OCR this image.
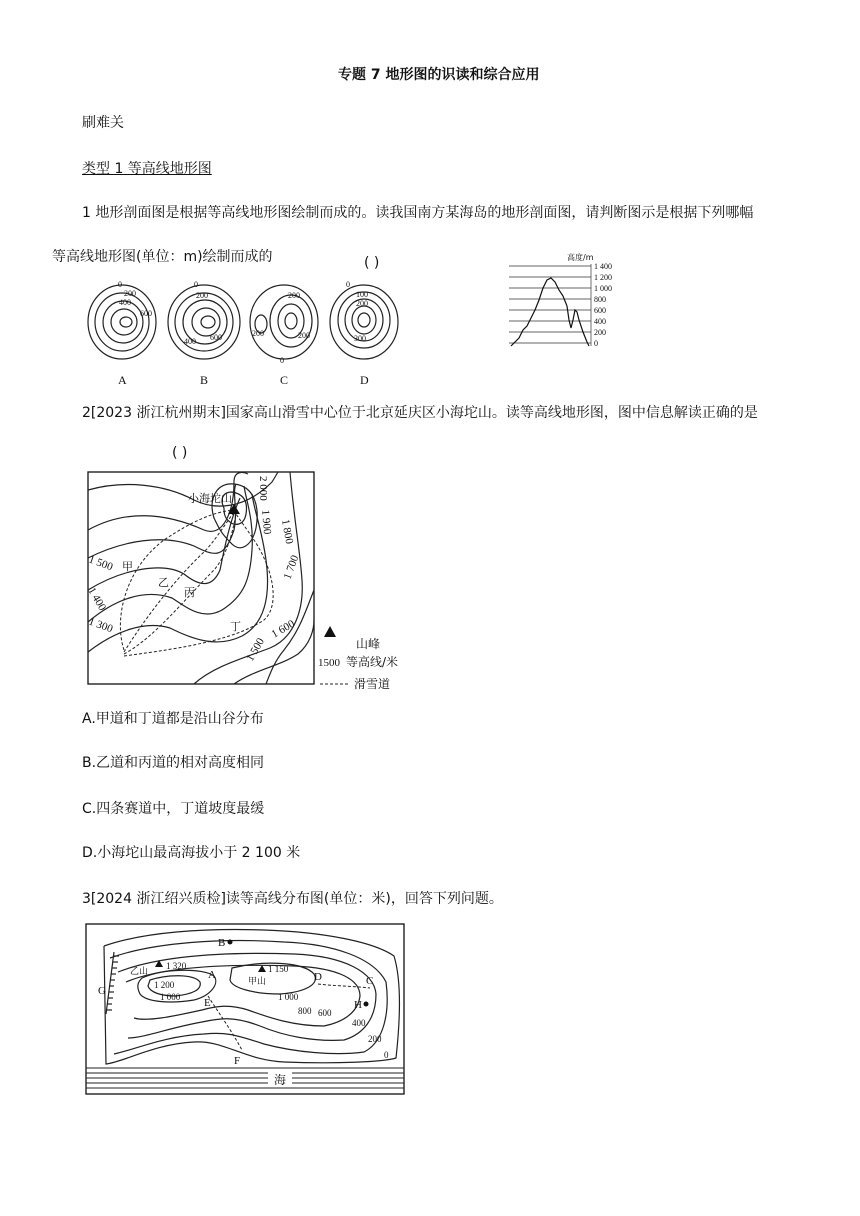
专题 7 地形图的识读和综合应用
刷难关
类型 1 等高线地形图
1 地形剖面图是根据等高线地形图绘制而成的。读我国南方某海岛的地形剖面图，请判断图示是根据下列哪幅
等高线地形图(单位：m)绘制而成的	( )
0
200
400
600
0
200
400 600
200
200	200
0
0
100
200
300
A	B	C	D
高度/m
1 400
1 200
1 000
800
600
400
200
0
2[2023 浙江杭州期末]国家高山滑雪中心位于北京延庆区小海坨山。读等高线地形图，图中信息解读正确的是
( )
小海坨山 2 000
1 900 1 800
1 700
1 600
1 500
1 500
1 400
1 300
甲
乙
丙
丁
山峰
1500 等高线/米
滑雪道
A.甲道和丁道都是沿山谷分布
B.乙道和丙道的相对高度相同
C.四条赛道中，丁道坡度最缓
D.小海坨山最高海拔小于 2 100 米
3[2024 浙江绍兴质检]读等高线分布图(单位：米)，回答下列问题。
B
A	C
D
E
F
G
H
乙山
甲山
1 320	1 150
1 200
1 000	1 000
800 600
400
200
0
海
